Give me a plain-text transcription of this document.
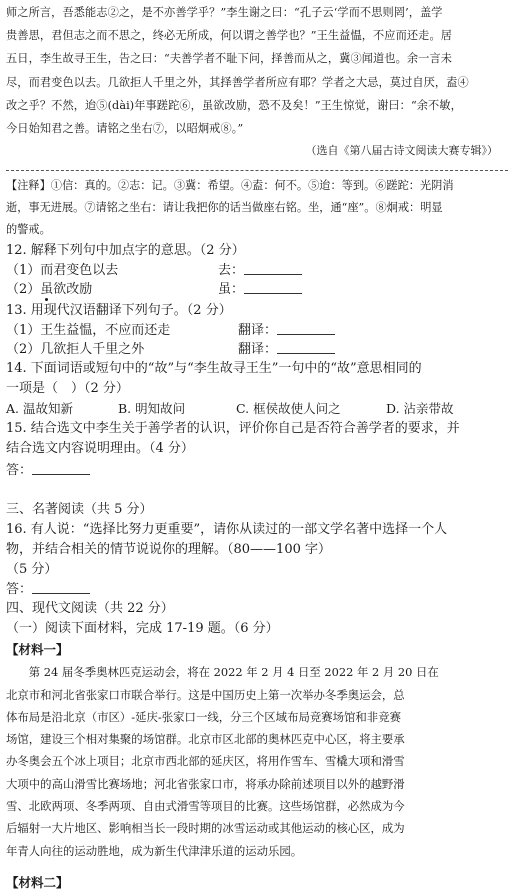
师之所言，吾悉能志②之，是不亦善学乎？”李生谢之曰：“孔子云‘学而不思则罔’，盖学

贵善思，君但志之而不思之，终必无所成，何以谓之善学也？”王生益愠，不应而还走。居

五日，李生故寻王生，告之曰：“夫善学者不耻下问，择善而从之，冀③闻道也。余一言未

尽，而君变色以去。几欲拒人千里之外，其择善学者所应有耶？学者之大忌，莫过自厌，盍④

改之乎？不然，迨⑤(dài)年事蹉跎⑥，虽欲改励，恐不及矣！”王生惊觉，谢曰：“余不敏，

今日始知君之善。请铭之坐右⑦，以昭炯戒⑧。”

（选自《第八届古诗文阅读大赛专辑》）

【注释】①信：真的。②志：记。③冀：希望。④盍：何不。⑤迨：等到。⑥蹉跎：光阴消

逝，事无进展。⑦请铭之坐右：请让我把你的话当做座右铭。坐，通“座”。⑧炯戒：明显

的警戒。

12. 解释下列句中加点字的意思。（2 分）

（1）而君变色以去	去：
（2）虽欲改励	虽：

13. 用现代汉语翻译下列句子。（2 分）

（1）王生益愠，不应而还走	翻译：
（2）几欲拒人千里之外	翻译：

14. 下面词语或短句中的“故”与“李生故寻王生”一句中的“故”意思相同的

一项是（　）（2 分）

A. 温故知新	B. 明知故问	C. 框侯故使人问之	D. 沾亲带故

15. 结合选文中李生关于善学者的认识，评价你自己是否符合善学者的要求，并

结合选文内容说明理由。（4 分）

答：

三、名著阅读（共 5 分）

16. 有人说：“选择比努力更重要”，请你从读过的一部文学名著中选择一个人

物，并结合相关的情节说说你的理解。（80——100 字）

（5 分）

答：

四、现代文阅读（共 22 分）

（一）阅读下面材料，完成 17-19 题。（6 分）

【材料一】

第 24 届冬季奥林匹克运动会，将在 2022 年 2 月 4 日至 2022 年 2 月 20 日在

北京市和河北省张家口市联合举行。这是中国历史上第一次举办冬季奥运会，总

体布局是沿北京（市区）-延庆-张家口一线，分三个区域布局竞赛场馆和非竞赛

场馆，建设三个相对集聚的场馆群。北京市区北部的奥林匹克中心区，将主要承

办冬奥会五个冰上项目；北京市西北部的延庆区，将用作雪车、雪橇大项和滑雪

大项中的高山滑雪比赛场地；河北省张家口市，将承办除前述项目以外的越野滑

雪、北欧两项、冬季两项、自由式滑雪等项目的比赛。这些场馆群，必然成为今

后辐射一大片地区、影响相当长一段时期的冰雪运动或其他运动的核心区，成为

年青人向往的运动胜地，成为新生代津津乐道的运动乐园。

【材料二】
